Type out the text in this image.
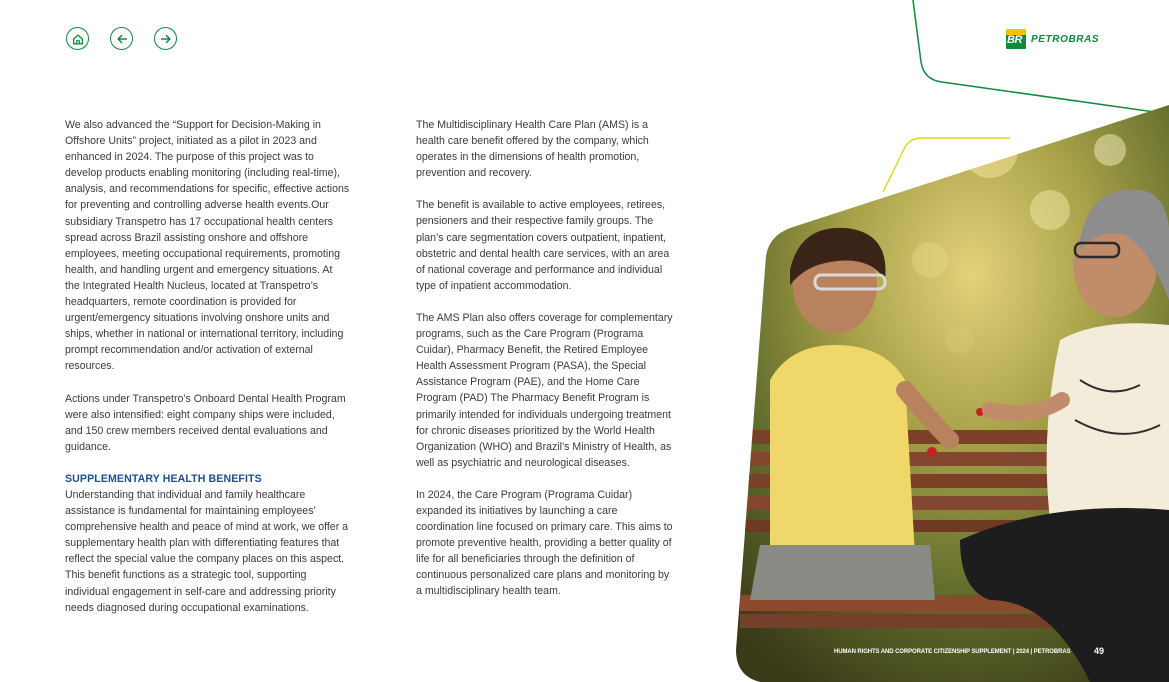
BR PETROBRAS

We also advanced the “Support for Decision-Making in Offshore Units” project, initiated as a pilot in 2023 and enhanced in 2024. The purpose of this project was to develop products enabling monitoring (including real-time), analysis, and recommendations for specific, effective actions for preventing and controlling adverse health events.Our subsidiary Transpetro has 17 occupational health centers spread across Brazil assisting onshore and offshore employees, meeting occupational requirements, promoting health, and handling urgent and emergency situations. At the Integrated Health Nucleus, located at Transpetro’s headquarters, remote coordination is provided for urgent/emergency situations involving onshore units and ships, whether in national or international territory, including prompt recommendation and/or activation of external resources.

Actions under Transpetro’s Onboard Dental Health Program were also intensified: eight company ships were included, and 150 crew members received dental evaluations and guidance.

SUPPLEMENTARY HEALTH BENEFITS

Understanding that individual and family healthcare assistance is fundamental for maintaining employees’ comprehensive health and peace of mind at work, we offer a supplementary health plan with differentiating features that reflect the special value the company places on this aspect. This benefit functions as a strategic tool, supporting individual engagement in self-care and addressing priority needs diagnosed during occupational examinations.

The Multidisciplinary Health Care Plan (AMS) is a health care benefit offered by the company, which operates in the dimensions of health promotion, prevention and recovery.

The benefit is available to active employees, retirees, pensioners and their respective family groups. The plan’s care segmentation covers outpatient, inpatient, obstetric and dental health care services, with an area of national coverage and performance and individual type of inpatient accommodation.

The AMS Plan also offers coverage for complementary programs, such as the Care Program (Programa Cuidar), Pharmacy Benefit, the Retired Employee Health Assessment Program (PASA), the Special Assistance Program (PAE), and the Home Care Program (PAD) The Pharmacy Benefit Program is primarily intended for individuals undergoing treatment for chronic diseases prioritized by the World Health Organization (WHO) and Brazil’s Ministry of Health, as well as psychiatric and neurological diseases.

In 2024, the Care Program (Programa Cuidar) expanded its initiatives by launching a care coordination line focused on primary care. This aims to promote preventive health, providing a better quality of life for all beneficiaries through the definition of continuous personalized care plans and monitoring by a multidisciplinary health team.

HUMAN RIGHTS AND CORPORATE CITIZENSHIP SUPPLEMENT | 2024 | PETROBRAS	49
